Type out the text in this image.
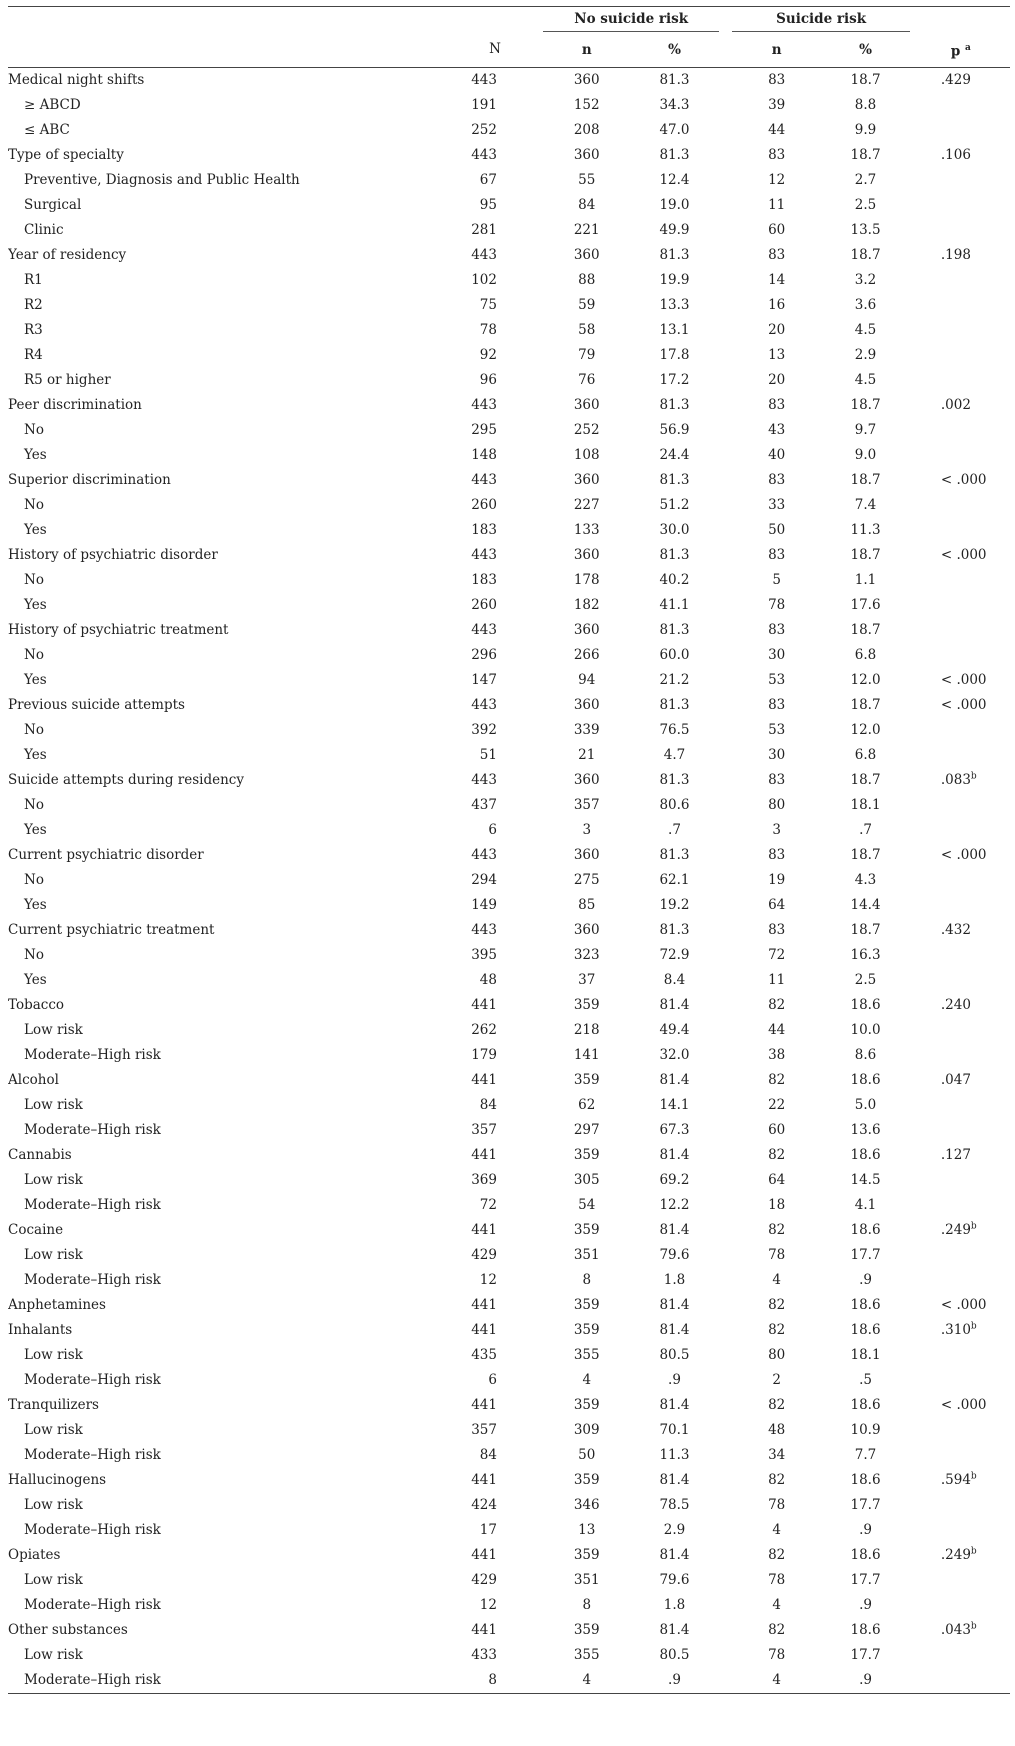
			No suicide risk			Suicide risk			
	N		n	%		n	%		p $^a$
Medical night shifts	443		360	81.3		83	18.7		.429
≥ ABCD	191		152	34.3		39	8.8		
≤ ABC	252		208	47.0		44	9.9		
Type of specialty	443		360	81.3		83	18.7		.106
Preventive, Diagnosis and Public Health	67		55	12.4		12	2.7		
Surgical	95		84	19.0		11	2.5		
Clinic	281		221	49.9		60	13.5		
Year of residency	443		360	81.3		83	18.7		.198
R1	102		88	19.9		14	3.2		
R2	75		59	13.3		16	3.6		
R3	78		58	13.1		20	4.5		
R4	92		79	17.8		13	2.9		
R5 or higher	96		76	17.2		20	4.5		
Peer discrimination	443		360	81.3		83	18.7		.002
No	295		252	56.9		43	9.7		
Yes	148		108	24.4		40	9.0		
Superior discrimination	443		360	81.3		83	18.7		< .000
No	260		227	51.2		33	7.4		
Yes	183		133	30.0		50	11.3		
History of psychiatric disorder	443		360	81.3		83	18.7		< .000
No	183		178	40.2		5	1.1		
Yes	260		182	41.1		78	17.6		
History of psychiatric treatment	443		360	81.3		83	18.7		
No	296		266	60.0		30	6.8		
Yes	147		94	21.2		53	12.0		< .000
Previous suicide attempts	443		360	81.3		83	18.7		< .000
No	392		339	76.5		53	12.0		
Yes	51		21	4.7		30	6.8		
Suicide attempts during residency	443		360	81.3		83	18.7		.083$^b$
No	437		357	80.6		80	18.1		
Yes	6		3	.7		3	.7		
Current psychiatric disorder	443		360	81.3		83	18.7		< .000
No	294		275	62.1		19	4.3		
Yes	149		85	19.2		64	14.4		
Current psychiatric treatment	443		360	81.3		83	18.7		.432
No	395		323	72.9		72	16.3		
Yes	48		37	8.4		11	2.5		
Tobacco	441		359	81.4		82	18.6		.240
Low risk	262		218	49.4		44	10.0		
Moderate–High risk	179		141	32.0		38	8.6		
Alcohol	441		359	81.4		82	18.6		.047
Low risk	84		62	14.1		22	5.0		
Moderate–High risk	357		297	67.3		60	13.6		
Cannabis	441		359	81.4		82	18.6		.127
Low risk	369		305	69.2		64	14.5		
Moderate–High risk	72		54	12.2		18	4.1		
Cocaine	441		359	81.4		82	18.6		.249$^b$
Low risk	429		351	79.6		78	17.7		
Moderate–High risk	12		8	1.8		4	.9		
Anphetamines	441		359	81.4		82	18.6		< .000
Inhalants	441		359	81.4		82	18.6		.310$^b$
Low risk	435		355	80.5		80	18.1		
Moderate–High risk	6		4	.9		2	.5		
Tranquilizers	441		359	81.4		82	18.6		< .000
Low risk	357		309	70.1		48	10.9		
Moderate–High risk	84		50	11.3		34	7.7		
Hallucinogens	441		359	81.4		82	18.6		.594$^b$
Low risk	424		346	78.5		78	17.7		
Moderate–High risk	17		13	2.9		4	.9		
Opiates	441		359	81.4		82	18.6		.249$^b$
Low risk	429		351	79.6		78	17.7		
Moderate–High risk	12		8	1.8		4	.9		
Other substances	441		359	81.4		82	18.6		.043$^b$
Low risk	433		355	80.5		78	17.7		
Moderate–High risk	8		4	.9		4	.9		
